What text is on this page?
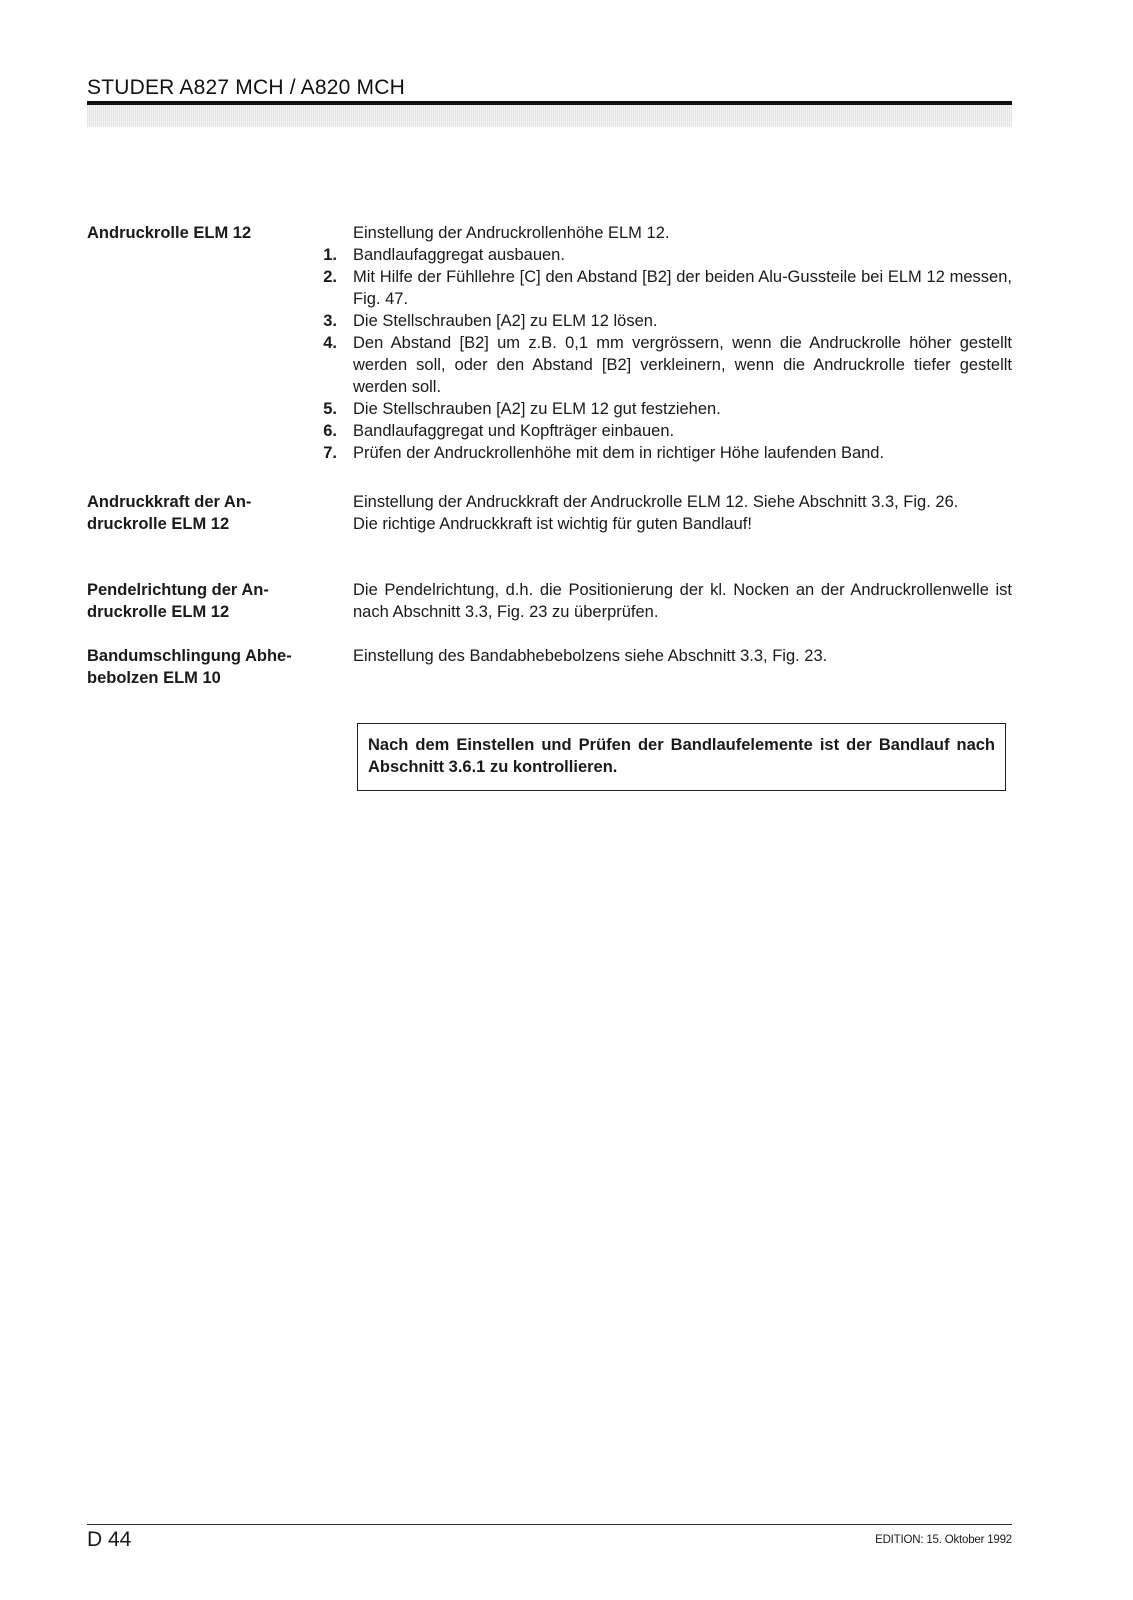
STUDER A827 MCH / A820 MCH
Andruckrolle ELM 12	Einstellung der Andruckrollenhöhe ELM 12.

1. Bandlaufaggregat ausbauen.
2. Mit Hilfe der Fühllehre [C] den Abstand [B2] der beiden Alu-Gussteile bei ELM 12 messen, Fig. 47.
3. Die Stellschrauben [A2] zu ELM 12 lösen.
4. Den Abstand [B2] um z.B. 0,1 mm vergrössern, wenn die Andruckrolle höher gestellt werden soll, oder den Abstand [B2] verkleinern, wenn die Andruckrolle tiefer gestellt werden soll.
5. Die Stellschrauben [A2] zu ELM 12 gut festziehen.
6. Bandlaufaggregat und Kopfträger einbauen.
7. Prüfen der Andruckrollenhöhe mit dem in richtiger Höhe laufenden Band.
Andruckkraft der An-
druckrolle ELM 12

Einstellung der Andruckkraft der Andruckrolle ELM 12. Siehe Abschnitt 3.3, Fig. 26.

Die richtige Andruckkraft ist wichtig für guten Bandlauf!

Pendelrichtung der An-
druckrolle ELM 12

Die Pendelrichtung, d.h. die Positionierung der kl. Nocken an der Andruckrollenwelle ist nach Abschnitt 3.3, Fig. 23 zu überprüfen.

Bandumschlingung Abhe-
bebolzen ELM 10

Einstellung des Bandabhebebolzens siehe Abschnitt 3.3, Fig. 23.

Nach dem Einstellen und Prüfen der Bandlaufelemente ist der Bandlauf nach Abschnitt 3.6.1 zu kontrollieren.
D 44	EDITION: 15. Oktober 1992
